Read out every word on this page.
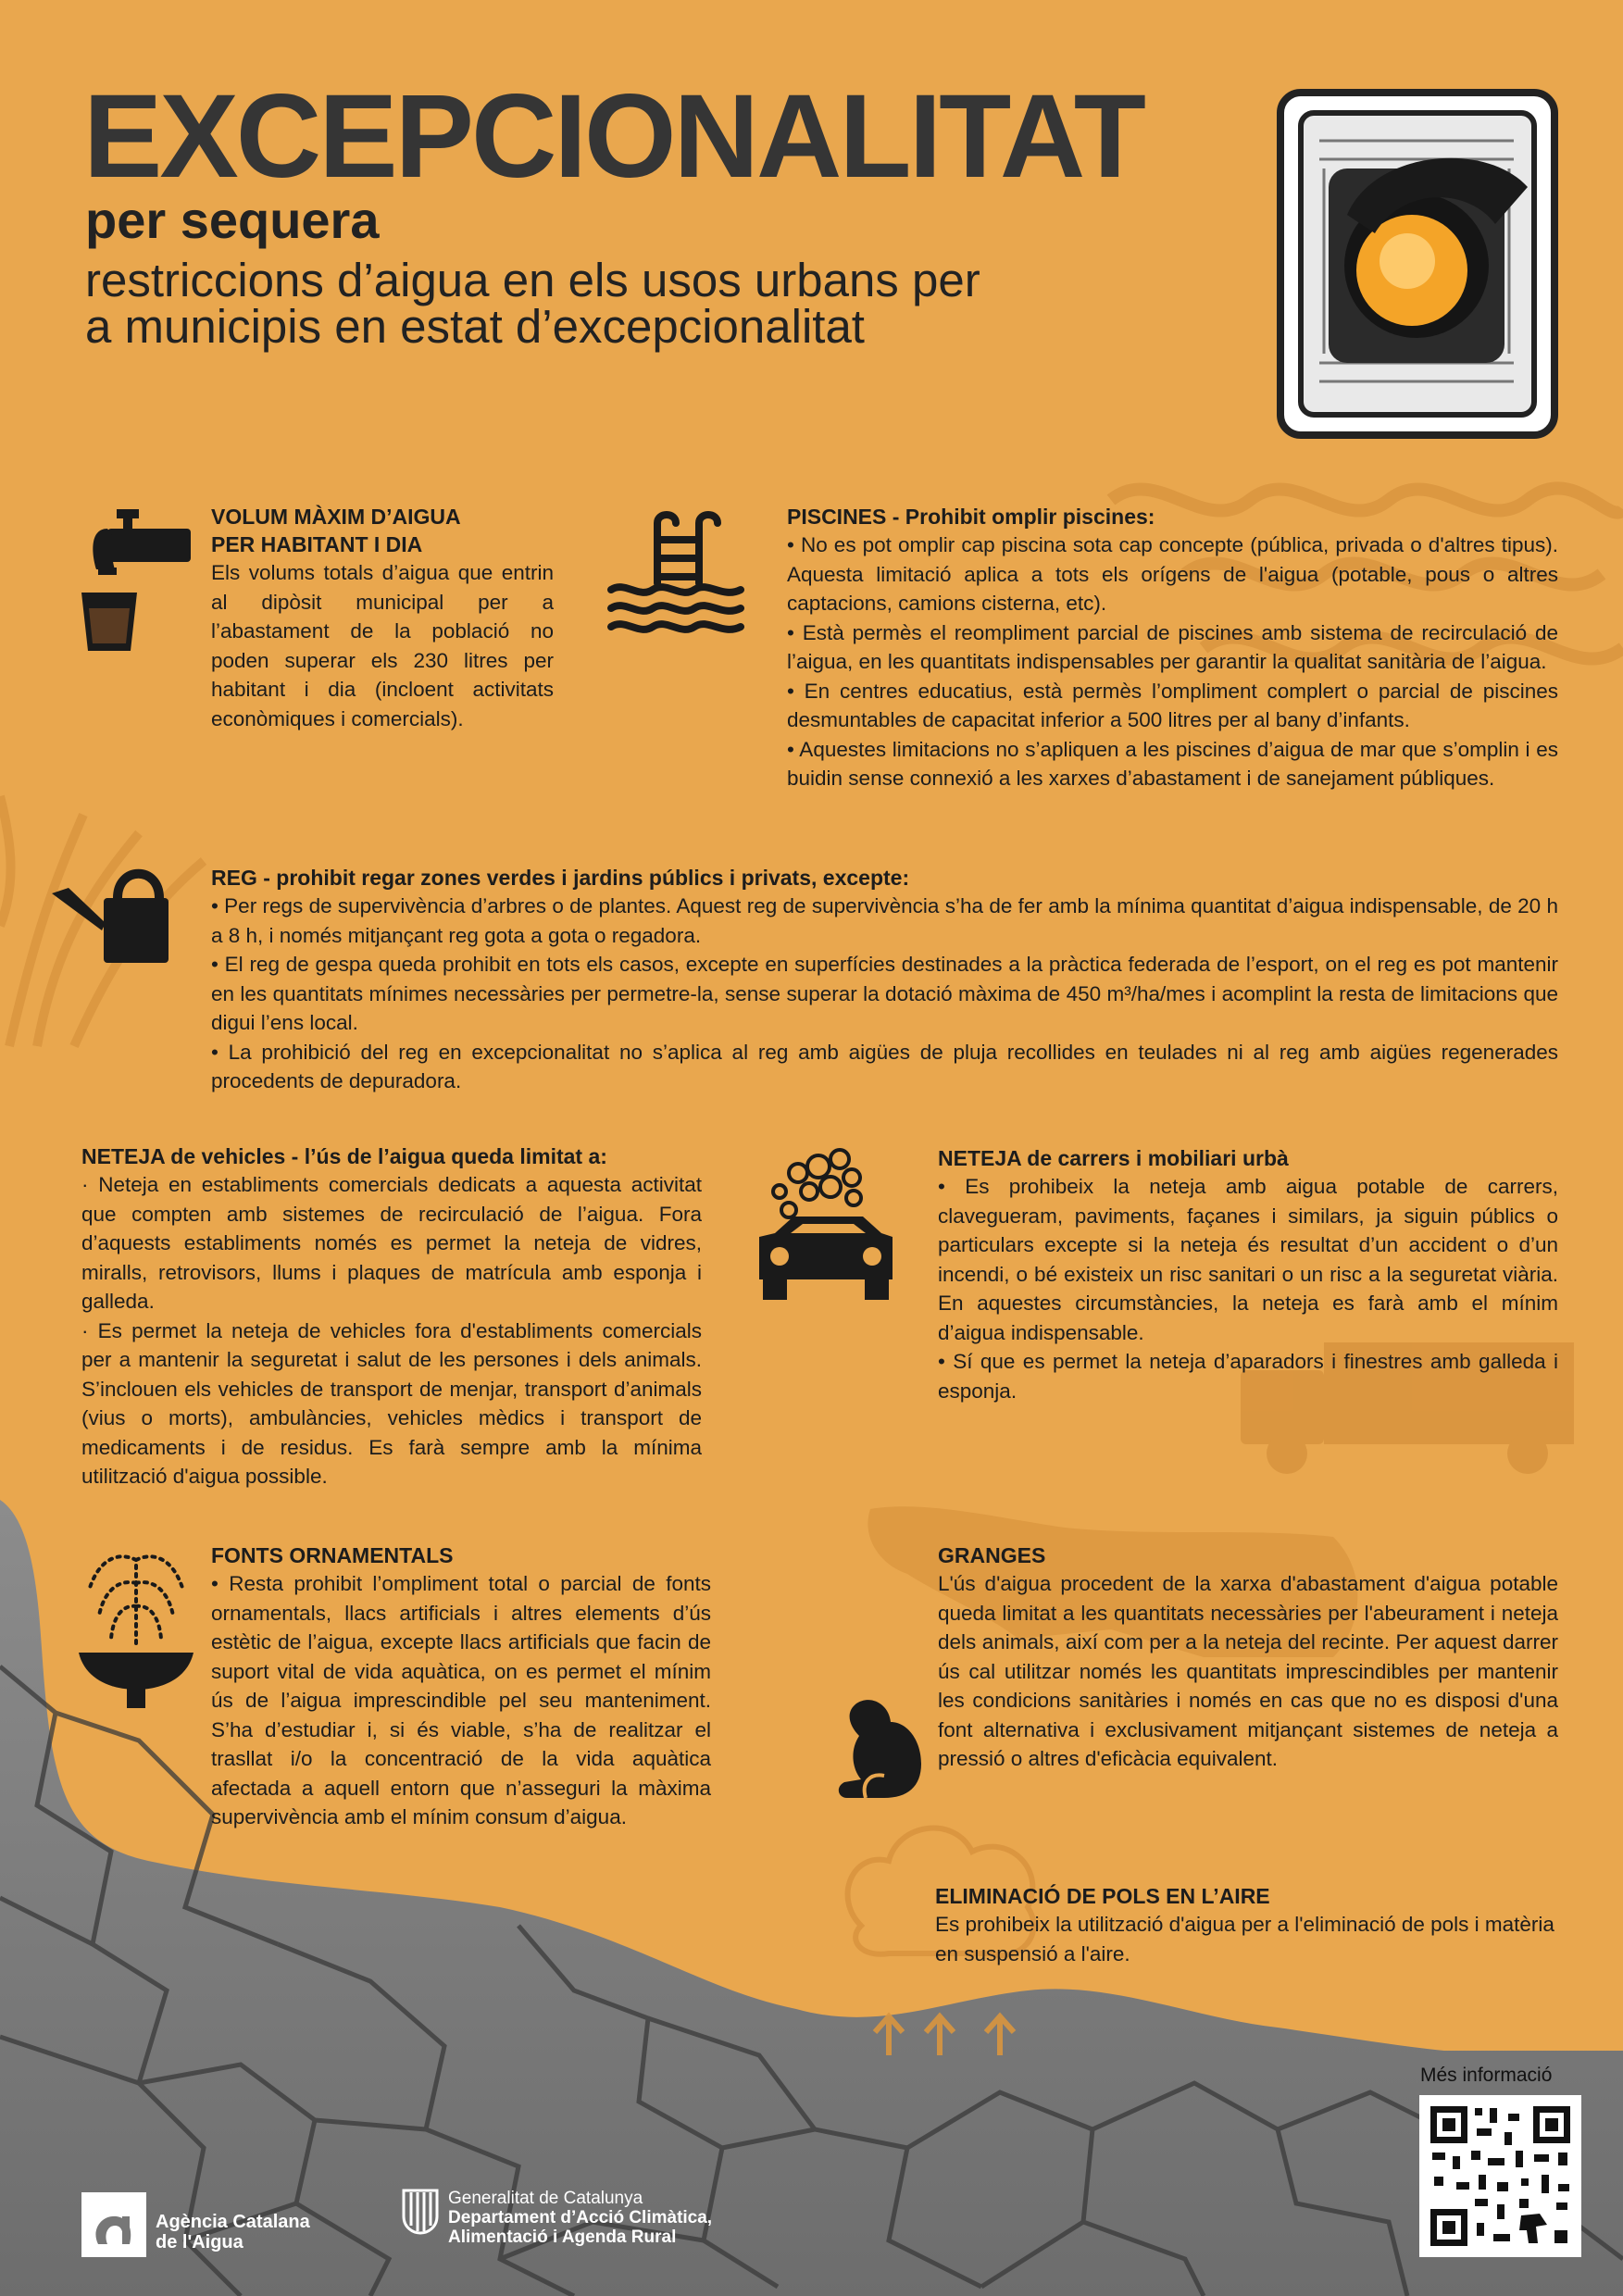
EXCEPCIONALITAT
per sequera

restriccions d’aigua en els usos urbans per a municipis en estat d’excepcionalitat

VOLUM MÀXIM D’AIGUA

PER HABITANT I DIA

Els volums totals d’aigua que entrin al dipòsit municipal per a l’abastament de la població no poden superar els 230 litres per habitant i dia (incloent activitats econòmiques i comercials).

PISCINES - Prohibit omplir piscines:

• No es pot omplir cap piscina sota cap concepte (pública, privada o d'altres tipus). Aquesta limitació aplica a tots els orígens de l'aigua (potable, pous o altres captacions, camions cisterna, etc).

• Està permès el reompliment parcial de piscines amb sistema de recirculació de l’aigua, en les quantitats indispensables per garantir la qualitat sanitària de l’aigua.

• En centres educatius, està permès l’ompliment complert o parcial de piscines desmuntables de capacitat inferior a 500 litres per al bany d’infants.

• Aquestes limitacions no s’apliquen a les piscines d’aigua de mar que s’omplin i es buidin sense connexió a les xarxes d’abastament i de sanejament públiques.

REG - prohibit regar zones verdes i jardins públics i privats, excepte:

• Per regs de supervivència d’arbres o de plantes. Aquest reg de supervivència s’ha de fer amb la mínima quantitat d’aigua indispensable, de 20 h a 8 h, i només mitjançant reg gota a gota o regadora.

• El reg de gespa queda prohibit en tots els casos, excepte en superfícies destinades a la pràctica federada de l’esport, on el reg es pot mantenir en les quantitats mínimes necessàries per permetre-la, sense superar la dotació màxima de 450 m³/ha/mes i acomplint la resta de limitacions que digui l’ens local.

• La prohibició del reg en excepcionalitat no s’aplica al reg amb aigües de pluja recollides en teulades ni al reg amb aigües regenerades procedents de depuradora.

NETEJA de vehicles - l’ús de l’aigua queda limitat a:

· Neteja en establiments comercials dedicats a aquesta activitat que compten amb sistemes de recirculació de l’aigua. Fora d’aquests establiments només es permet la neteja de vidres, miralls, retrovisors, llums i plaques de matrícula amb esponja i galleda.

· Es permet la neteja de vehicles fora d'establiments comercials per a mantenir la seguretat i salut de les persones i dels animals. S’inclouen els vehicles de transport de menjar, transport d’animals (vius o morts), ambulàncies, vehicles mèdics i transport de medicaments i de residus. Es farà sempre amb la mínima utilització d'aigua possible.

NETEJA de carrers i mobiliari urbà

• Es prohibeix la neteja amb aigua potable de carrers, clavegueram, paviments, façanes i similars, ja siguin públics o particulars excepte si la neteja és resultat d’un accident o d’un incendi, o bé existeix un risc sanitari o un risc a la seguretat viària. En aquestes circumstàncies, la neteja es farà amb el mínim d’aigua indispensable.

• Sí que es permet la neteja d’aparadors i finestres amb galleda i esponja.

FONTS ORNAMENTALS

• Resta prohibit l’ompliment total o parcial de fonts ornamentals, llacs artificials i altres elements d’ús estètic de l’aigua, excepte llacs artificials que facin de suport vital de vida aquàtica, on es permet el mínim ús de l’aigua imprescindible pel seu manteniment. S’ha d’estudiar i, si és viable, s’ha de realitzar el trasllat i/o la concentració de la vida aquàtica afectada a aquell entorn que n’asseguri la màxima supervivència amb el mínim consum d’aigua.

GRANGES

L'ús d'aigua procedent de la xarxa d'abastament d'aigua potable queda limitat a les quantitats necessàries per l'abeurament i neteja dels animals, així com per a la neteja del recinte. Per aquest darrer ús cal utilitzar només les quantitats imprescindibles per mantenir les condicions sanitàries i només en cas que no es disposi d'una font alternativa i exclusivament mitjançant sistemes de neteja a pressió o altres d'eficàcia equivalent.

ELIMINACIÓ DE POLS EN L’AIRE

Es prohibeix la utilització d'aigua per a l'eliminació de pols i matèria en suspensió a l'aire.

Més informació
Agència Catalana
de l'Aigua
Generalitat de Catalunya
Departament d’Acció Climàtica,
Alimentació i Agenda Rural
